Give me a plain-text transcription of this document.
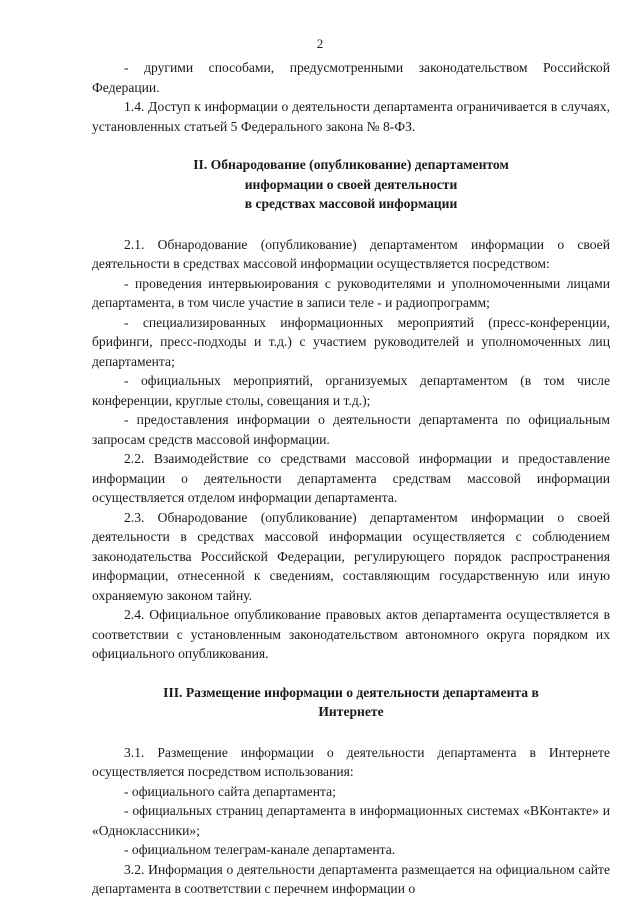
2

- другими способами, предусмотренными законодательством Российской Федерации.

1.4. Доступ к информации о деятельности департамента ограничивается в случаях, установленных статьей 5 Федерального закона № 8-ФЗ.

II. Обнародование (опубликование) департаментом
информации о своей деятельности
в средствах массовой информации

2.1. Обнародование (опубликование) департаментом информации о своей деятельности в средствах массовой информации осуществляется посредством:

- проведения интервьюирования с руководителями и уполномоченными лицами департамента, в том числе участие в записи теле - и радиопрограмм;

- специализированных информационных мероприятий (пресс-конференции, брифинги, пресс-подходы и т.д.) с участием руководителей и уполномоченных лиц департамента;

- официальных мероприятий, организуемых департаментом (в том числе конференции, круглые столы, совещания и т.д.);

- предоставления информации о деятельности департамента по официальным запросам средств массовой информации.

2.2. Взаимодействие со средствами массовой информации и предоставление информации о деятельности департамента средствам массовой информации осуществляется отделом информации департамента.

2.3. Обнародование (опубликование) департаментом информации о своей деятельности в средствах массовой информации осуществляется с соблюдением законодательства Российской Федерации, регулирующего порядок распространения информации, отнесенной к сведениям, составляющим государственную или иную охраняемую законом тайну.

2.4. Официальное опубликование правовых актов департамента осуществляется в соответствии с установленным законодательством автономного округа порядком их официального опубликования.

III. Размещение информации о деятельности департамента в
Интернете

3.1. Размещение информации о деятельности департамента в Интернете осуществляется посредством использования:

- официального сайта департамента;

- официальных страниц департамента в информационных системах «ВКонтакте» и «Одноклассники»;

- официальном телеграм-канале департамента.

3.2. Информация о деятельности департамента размещается на официальном сайте департамента в соответствии с перечнем информации о
